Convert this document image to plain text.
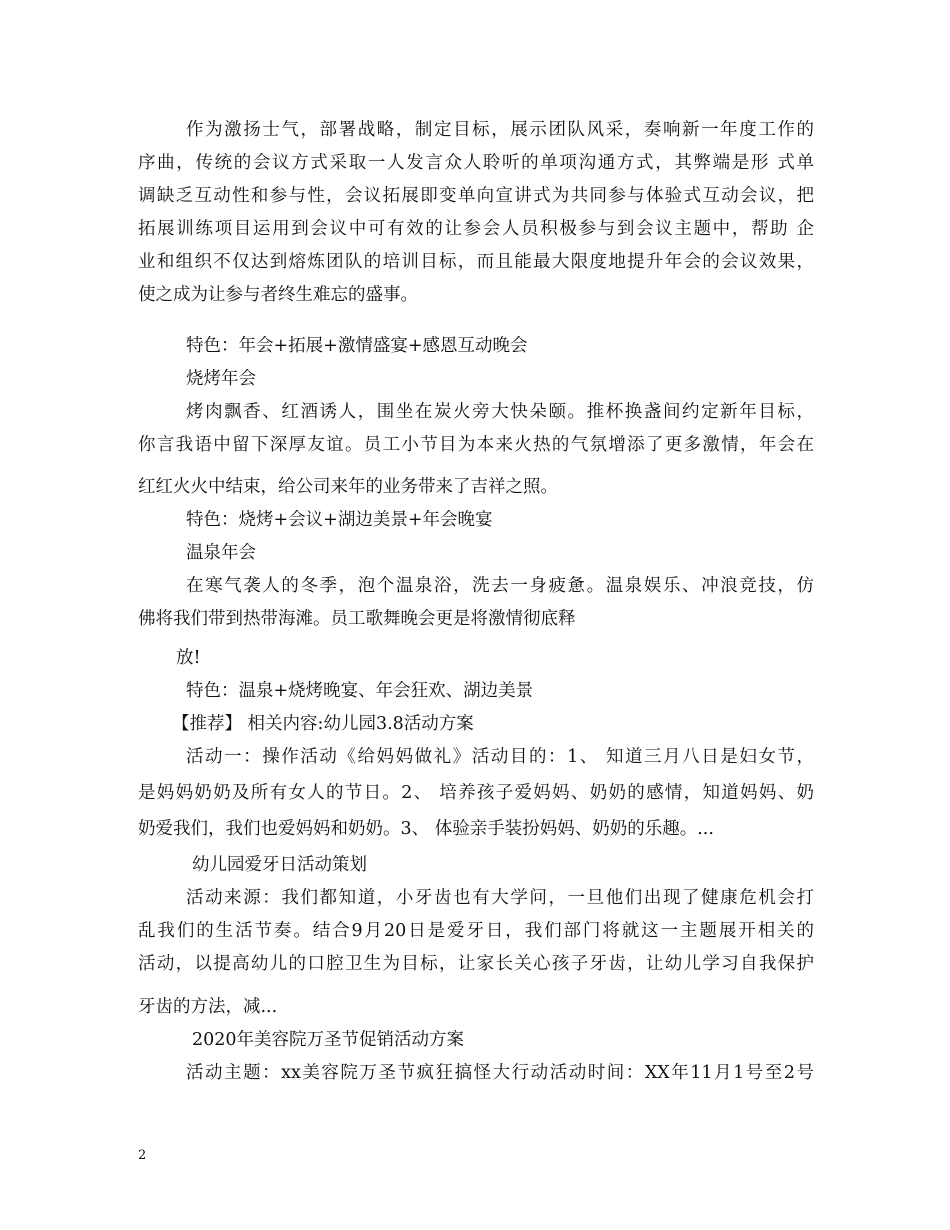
作为激扬士气，部署战略，制定目标，展示团队风采，奏响新一年度工作的
序曲，传统的会议方式采取一人发言众人聆听的单项沟通方式，其弊端是形 式单
调缺乏互动性和参与性，会议拓展即变单向宣讲式为共同参与体验式互动会议，把
拓展训练项目运用到会议中可有效的让参会人员积极参与到会议主题中，帮助 企
业和组织不仅达到熔炼团队的培训目标，而且能最大限度地提升年会的会议效果，
使之成为让参与者终生难忘的盛事。
特色：年会+拓展+激情盛宴+感恩互动晚会
烧烤年会
烤肉飘香、红酒诱人，围坐在炭火旁大快朵颐。推杯换盏间约定新年目标，
你言我语中留下深厚友谊。员工小节目为本来火热的气氛增添了更多激情，年会在
红红火火中结束，给公司来年的业务带来了吉祥之照。
特色：烧烤+会议+湖边美景+年会晚宴
温泉年会
在寒气袭人的冬季，泡个温泉浴，洗去一身疲惫。温泉娱乐、冲浪竞技，仿
佛将我们带到热带海滩。员工歌舞晚会更是将激情彻底释
放!
特色：温泉+烧烤晚宴、年会狂欢、湖边美景
【推荐】 相关内容:幼儿园3.8活动方案
活动一：操作活动《给妈妈做礼》活动目的：1、 知道三月八日是妇女节，
是妈妈奶奶及所有女人的节日。2、 培养孩子爱妈妈、奶奶的感情，知道妈妈、奶
奶爱我们，我们也爱妈妈和奶奶。3、 体验亲手装扮妈妈、奶奶的乐趣。...
幼儿园爱牙日活动策划
活动来源：我们都知道，小牙齿也有大学问，一旦他们出现了健康危机会打
乱我们的生活节奏。结合9月20日是爱牙日，我们部门将就这一主题展开相关的
活动，以提高幼儿的口腔卫生为目标，让家长关心孩子牙齿，让幼儿学习自我保护
牙齿的方法，减...
2020年美容院万圣节促销活动方案
活动主题：xx美容院万圣节疯狂搞怪大行动活动时间：XX年11月1号至2号
2
